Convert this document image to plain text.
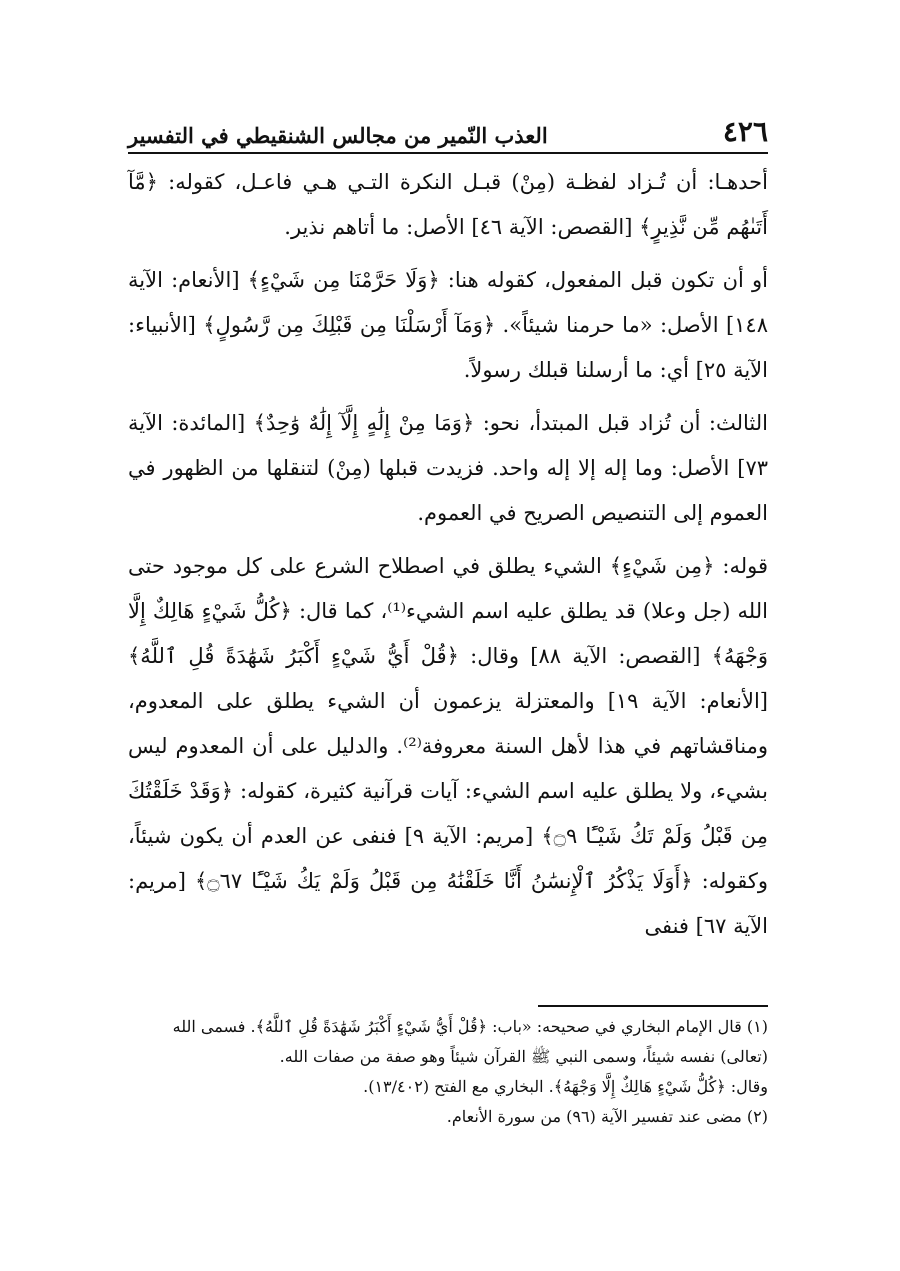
٤٢٦
العذب النّمير من مجالس الشنقيطي في التفسير

أحدهـا: أن تُـزاد لفظـة (مِنْ) قبـل النكرة التـي هـي فاعـل، كقوله: ﴿مَّآ أَتَىٰهُم مِّن نَّذِيرٍ﴾ [القصص: الآية ٤٦] الأصل: ما أتاهم نذير.

أو أن تكون قبل المفعول، كقوله هنا: ﴿وَلَا حَرَّمْنَا مِن شَيْءٍ﴾ [الأنعام: الآية ١٤٨] الأصل: «ما حرمنا شيئاً». ﴿وَمَآ أَرْسَلْنَا مِن قَبْلِكَ مِن رَّسُولٍ﴾ [الأنبياء: الآية ٢٥] أي: ما أرسلنا قبلك رسولاً.

الثالث: أن تُزاد قبل المبتدأ، نحو: ﴿وَمَا مِنْ إِلَٰهٍ إِلَّآ إِلَٰهٌ وَٰحِدٌ﴾ [المائدة: الآية ٧٣] الأصل: وما إله إلا إله واحد. فزيدت قبلها (مِنْ) لتنقلها من الظهور في العموم إلى التنصيص الصريح في العموم.

قوله: ﴿مِن شَيْءٍ﴾ الشيء يطلق في اصطلاح الشرع على كل موجود حتى الله (جل وعلا) قد يطلق عليه اسم الشيء⁽¹⁾، كما قال: ﴿كُلُّ شَيْءٍ هَالِكٌ إِلَّا وَجْهَهُ﴾ [القصص: الآية ٨٨] وقال: ﴿قُلْ أَيُّ شَيْءٍ أَكْبَرُ شَهَٰدَةً قُلِ ٱللَّهُ﴾ [الأنعام: الآية ١٩] والمعتزلة يزعمون أن الشيء يطلق على المعدوم، ومناقشاتهم في هذا لأهل السنة معروفة⁽²⁾. والدليل على أن المعدوم ليس بشيء، ولا يطلق عليه اسم الشيء: آيات قرآنية كثيرة، كقوله: ﴿وَقَدْ خَلَقْتُكَ مِن قَبْلُ وَلَمْ تَكُ شَيْـًٔا ۝٩﴾ [مريم: الآية ٩] فنفى عن العدم أن يكون شيئاً، وكقوله: ﴿أَوَلَا يَذْكُرُ ٱلْإِنسَٰنُ أَنَّا خَلَقْنَٰهُ مِن قَبْلُ وَلَمْ يَكُ شَيْـًٔا ۝٦٧﴾ [مريم: الآية ٦٧] فنفى

(١) قال الإمام البخاري في صحيحه: «باب: ﴿قُلْ أَيُّ شَيْءٍ أَكْبَرُ شَهَٰدَةً قُلِ ٱللَّهُ﴾. فسمى الله

(تعالى) نفسه شيئاً، وسمى النبي ﷺ القرآن شيئاً وهو صفة من صفات الله.

وقال: ﴿كُلُّ شَيْءٍ هَالِكٌ إِلَّا وَجْهَهُ﴾. البخاري مع الفتح (١٣/٤٠٢).

(٢) مضى عند تفسير الآية (٩٦) من سورة الأنعام.
